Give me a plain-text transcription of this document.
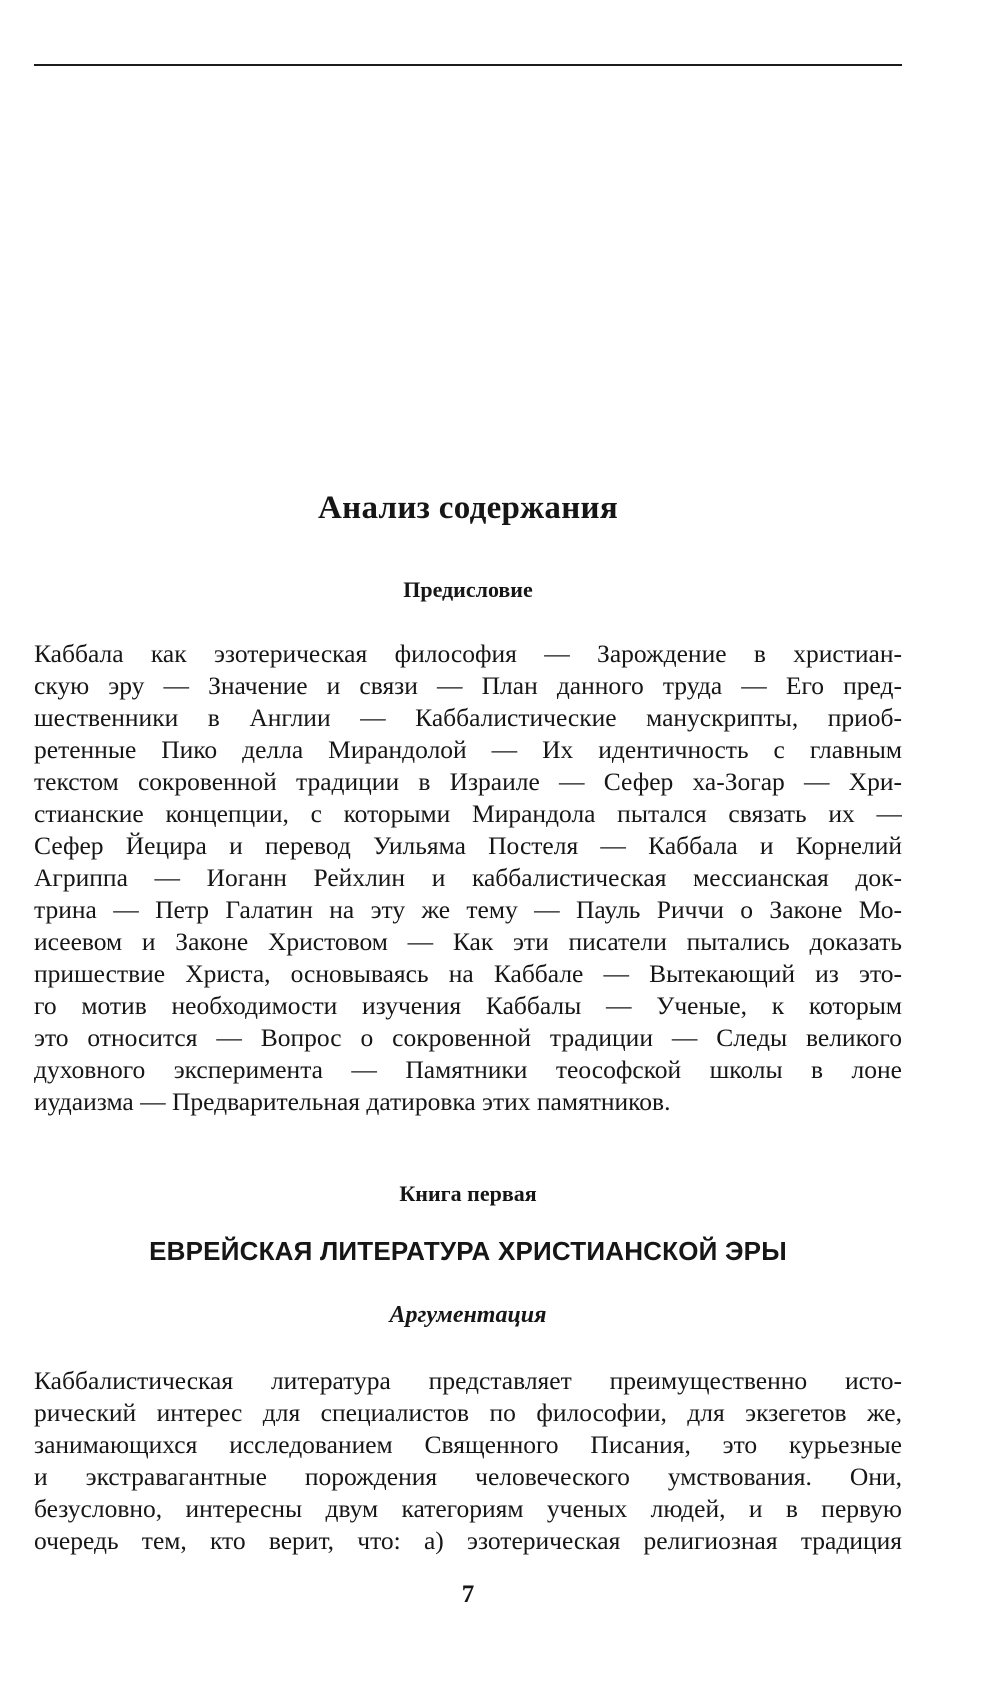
Анализ содержания
Предисловие

Каббала как эзотерическая философия — Зарождение в христиан-
скую эру — Значение и связи — План данного труда — Его пред-
шественники в Англии — Каббалистические манускрипты, приоб-
ретенные Пико делла Мирандолой — Их идентичность с главным
текстом сокровенной традиции в Израиле — Сефер ха-Зогар — Хри-
стианские концепции, с которыми Мирандола пытался связать их —
Сефер Йецира и перевод Уильяма Постеля — Каббала и Корнелий
Агриппа — Иоганн Рейхлин и каббалистическая мессианская док-
трина — Петр Галатин на эту же тему — Пауль Риччи о Законе Мо-
исеевом и Законе Христовом — Как эти писатели пытались доказать
пришествие Христа, основываясь на Каббале — Вытекающий из это-
го мотив необходимости изучения Каббалы — Ученые, к которым
это относится — Вопрос о сокровенной традиции — Следы великого
духовного эксперимента — Памятники теософской школы в лоне
иудаизма — Предварительная датировка этих памятников.

Книга первая
ЕВРЕЙСКАЯ ЛИТЕРАТУРА ХРИСТИАНСКОЙ ЭРЫ
Аргументация

Каббалистическая литература представляет преимущественно исто-
рический интерес для специалистов по философии, для экзегетов же,
занимающихся исследованием Священного Писания, это курьезные
и экстравагантные порождения человеческого умствования. Они,
безусловно, интересны двум категориям ученых людей, и в первую
очередь тем, кто верит, что: а) эзотерическая религиозная традиция

7
